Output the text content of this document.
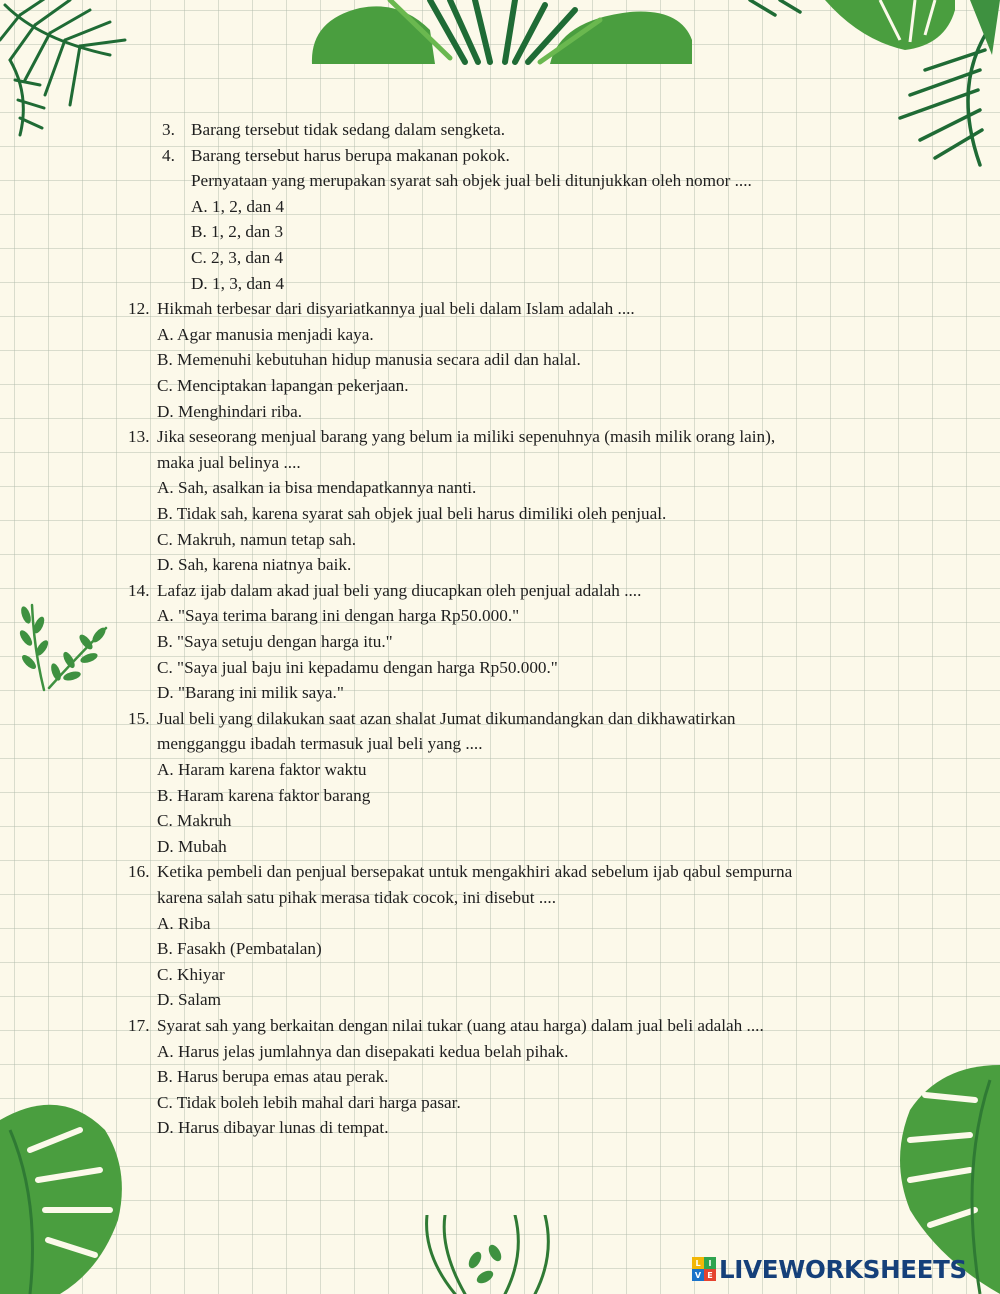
3. Barang tersebut tidak sedang dalam sengketa.
4. Barang tersebut harus berupa makanan pokok.
Pernyataan yang merupakan syarat sah objek jual beli ditunjukkan oleh nomor ....
A. 1, 2, dan 4
B. 1, 2, dan 3
C. 2, 3, dan 4
D. 1, 3, dan 4
12. Hikmah terbesar dari disyariatkannya jual beli dalam Islam adalah ....
A. Agar manusia menjadi kaya.
B. Memenuhi kebutuhan hidup manusia secara adil dan halal.
C. Menciptakan lapangan pekerjaan.
D. Menghindari riba.
13. Jika seseorang menjual barang yang belum ia miliki sepenuhnya (masih milik orang lain),
maka jual belinya ....
A. Sah, asalkan ia bisa mendapatkannya nanti.
B. Tidak sah, karena syarat sah objek jual beli harus dimiliki oleh penjual.
C. Makruh, namun tetap sah.
D. Sah, karena niatnya baik.
14. Lafaz ijab dalam akad jual beli yang diucapkan oleh penjual adalah ....
A. "Saya terima barang ini dengan harga Rp50.000."
B. "Saya setuju dengan harga itu."
C. "Saya jual baju ini kepadamu dengan harga Rp50.000."
D. "Barang ini milik saya."
15. Jual beli yang dilakukan saat azan shalat Jumat dikumandangkan dan dikhawatirkan
mengganggu ibadah termasuk jual beli yang ....
A. Haram karena faktor waktu
B. Haram karena faktor barang
C. Makruh
D. Mubah
16. Ketika pembeli dan penjual bersepakat untuk mengakhiri akad sebelum ijab qabul sempurna
karena salah satu pihak merasa tidak cocok, ini disebut ....
A. Riba
B. Fasakh (Pembatalan)
C. Khiyar
D. Salam
17. Syarat sah yang berkaitan dengan nilai tukar (uang atau harga) dalam jual beli adalah ....
A. Harus jelas jumlahnya dan disepakati kedua belah pihak.
B. Harus berupa emas atau perak.
C. Tidak boleh lebih mahal dari harga pasar.
D. Harus dibayar lunas di tempat.
L I
V E LIVEWORKSHEETS
